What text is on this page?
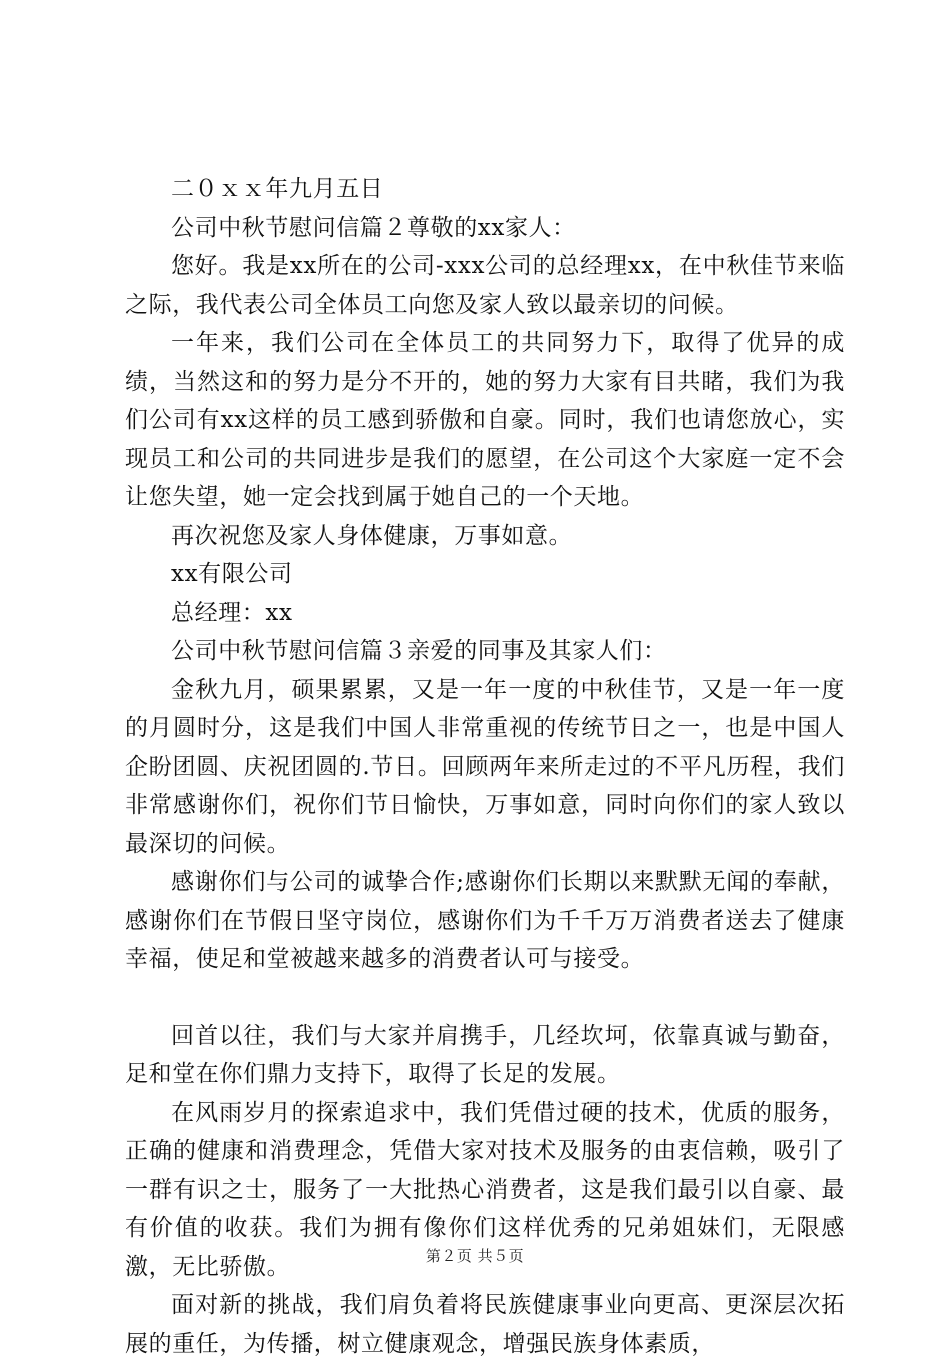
二０ｘｘ年九月五日

公司中秋节慰问信篇２尊敬的xx家人：

您好。我是xx所在的公司-xxx公司的总经理xx，在中秋佳节来临之际，我代表公司全体员工向您及家人致以最亲切的问候。

一年来，我们公司在全体员工的共同努力下，取得了优异的成绩，当然这和的努力是分不开的，她的努力大家有目共睹，我们为我们公司有xx这样的员工感到骄傲和自豪。同时，我们也请您放心，实现员工和公司的共同进步是我们的愿望，在公司这个大家庭一定不会让您失望，她一定会找到属于她自己的一个天地。

再次祝您及家人身体健康，万事如意。

xx有限公司

总经理：xx

公司中秋节慰问信篇３亲爱的同事及其家人们：

金秋九月，硕果累累，又是一年一度的中秋佳节，又是一年一度的月圆时分，这是我们中国人非常重视的传统节日之一，也是中国人企盼团圆、庆祝团圆的.节日。回顾两年来所走过的不平凡历程，我们非常感谢你们，祝你们节日愉快，万事如意，同时向你们的家人致以最深切的问候。

感谢你们与公司的诚挚合作;感谢你们长期以来默默无闻的奉献，感谢你们在节假日坚守岗位，感谢你们为千千万万消费者送去了健康幸福，使足和堂被越来越多的消费者认可与接受。

回首以往，我们与大家并肩携手，几经坎坷，依靠真诚与勤奋，足和堂在你们鼎力支持下，取得了长足的发展。

在风雨岁月的探索追求中，我们凭借过硬的技术，优质的服务，正确的健康和消费理念，凭借大家对技术及服务的由衷信赖，吸引了一群有识之士，服务了一大批热心消费者，这是我们最引以自豪、最有价值的收获。我们为拥有像你们这样优秀的兄弟姐妹们，无限感激，无比骄傲。

面对新的挑战，我们肩负着将民族健康事业向更高、更深层次拓展的重任，为传播，树立健康观念，增强民族身体素质，

第２页 共５页
